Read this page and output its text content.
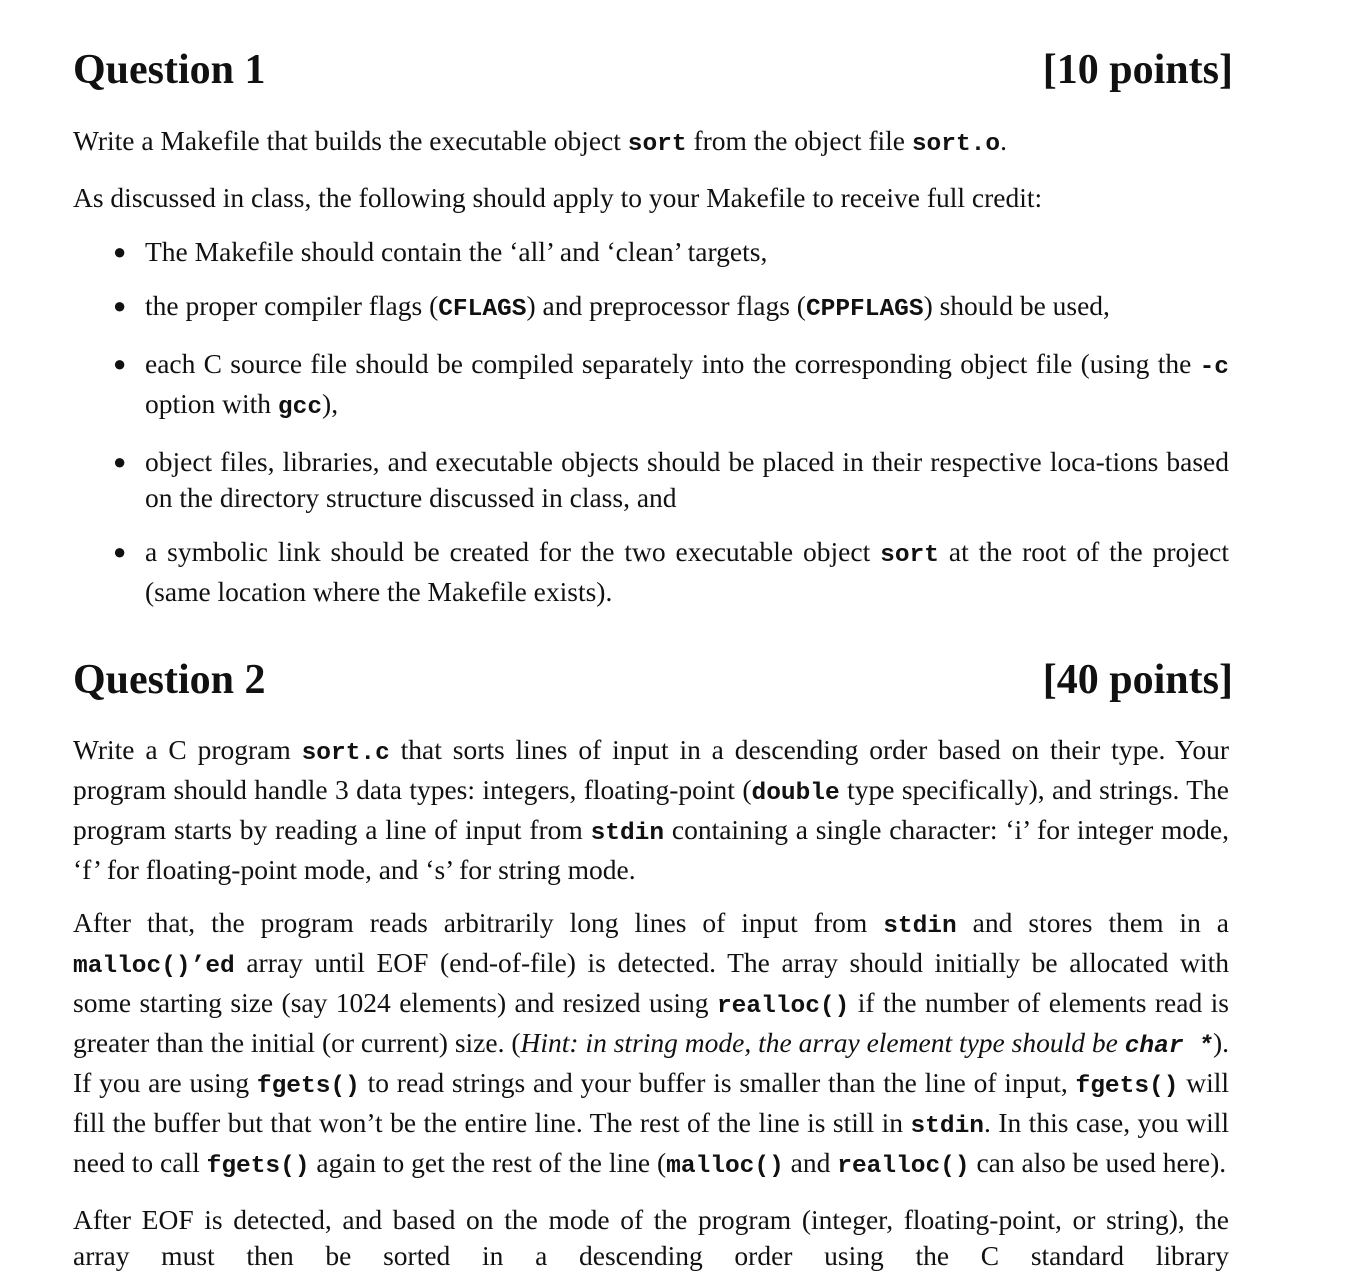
Question 1	[10 points]

Write a Makefile that builds the executable object sort from the object file sort.o.

As discussed in class, the following should apply to your Makefile to receive full credit:

● The Makefile should contain the ‘all’ and ‘clean’ targets,
● the proper compiler flags (CFLAGS) and preprocessor flags (CPPFLAGS) should be used,
● each C source file should be compiled separately into the corresponding object file (using the -c option with gcc),
● object files, libraries, and executable objects should be placed in their respective loca-tions based on the directory structure discussed in class, and
● a symbolic link should be created for the two executable object sort at the root of the project (same location where the Makefile exists).
Question 2	[40 points]

Write a C program sort.c that sorts lines of input in a descending order based on their type. Your program should handle 3 data types: integers, floating-point (double type specifically), and strings. The program starts by reading a line of input from stdin containing a single character: ‘i’ for integer mode, ‘f’ for floating-point mode, and ‘s’ for string mode.

After that, the program reads arbitrarily long lines of input from stdin and stores them in a malloc()’ed array until EOF (end-of-file) is detected. The array should initially be allocated with some starting size (say 1024 elements) and resized using realloc() if the number of elements read is greater than the initial (or current) size. (Hint: in string mode, the array element type should be char *). If you are using fgets() to read strings and your buffer is smaller than the line of input, fgets() will fill the buffer but that won’t be the entire line. The rest of the line is still in stdin. In this case, you will need to call fgets() again to get the rest of the line (malloc() and realloc() can also be used here).

After EOF is detected, and based on the mode of the program (integer, floating-point, or string), the array must then be sorted in a descending order using the C standard library
